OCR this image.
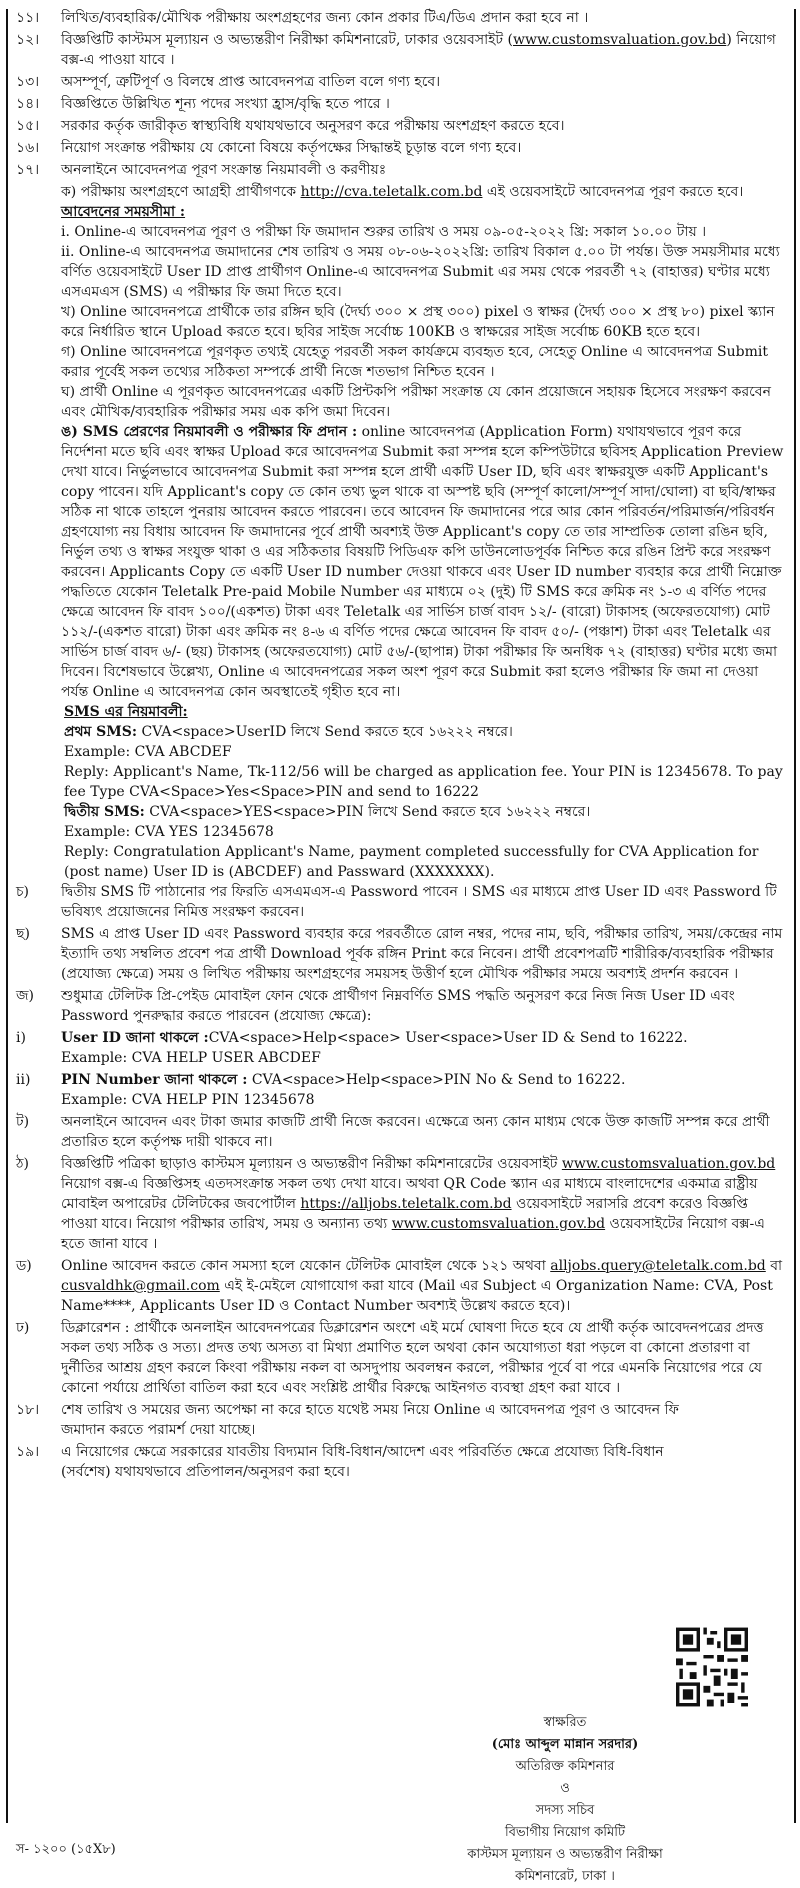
১১।	লিখিত/ব্যবহারিক/মৌখিক পরীক্ষায় অংশগ্রহণের জন্য কোন প্রকার টিএ/ডিএ প্রদান করা হবে না ।
১২।	বিজ্ঞপ্তিটি কাস্টমস মূল্যায়ন ও অভ্যন্তরীণ নিরীক্ষা কমিশনারেট, ঢাকার ওয়েবসাইট (www.customsvaluation.gov.bd) নিয়োগ বক্স-এ পাওয়া যাবে ।
১৩।	অসম্পূর্ণ, ত্রুটিপূর্ণ ও বিলম্বে প্রাপ্ত আবেদনপত্র বাতিল বলে গণ্য হবে।
১৪।	বিজ্ঞপ্তিতে উল্লিখিত শূন্য পদের সংখ্যা হ্রাস/বৃদ্ধি হতে পারে ।
১৫।	সরকার কর্তৃক জারীকৃত স্বাস্থ্যবিধি যথাযথভাবে অনুসরণ করে পরীক্ষায় অংশগ্রহণ করতে হবে।
১৬।	নিয়োগ সংক্রান্ত পরীক্ষায় যে কোনো বিষয়ে কর্তৃপক্ষের সিদ্ধান্তই চূড়ান্ত বলে গণ্য হবে।
১৭।	অনলাইনে আবেদনপত্র পূরণ সংক্রান্ত নিয়মাবলী ও করণীয়ঃ
ক) পরীক্ষায় অংশগ্রহণে আগ্রহী প্রার্থীগণকে http://cva.teletalk.com.bd এই ওয়েবসাইটে আবেদনপত্র পূরণ করতে হবে।
আবেদনের সময়সীমা :
i. Online-এ আবেদনপত্র পূরণ ও পরীক্ষা ফি জমাদান শুরুর তারিখ ও সময় ০৯-০৫-২০২২ খ্রি: সকাল ১০.০০ টায় ।
ii. Online-এ আবেদনপত্র জমাদানের শেষ তারিখ ও সময় ০৮-০৬-২০২২খ্রি: তারিখ বিকাল ৫.০০ টা পর্যন্ত। উক্ত সময়সীমার মধ্যে বর্ণিত ওয়েবসাইটে User ID প্রাপ্ত প্রার্থীগণ Online-এ আবেদনপত্র Submit এর সময় থেকে পরবর্তী ৭২ (বাহাত্তর) ঘণ্টার মধ্যে এসএমএস (SMS) এ পরীক্ষার ফি জমা দিতে হবে।
খ) Online আবেদনপত্রে প্রার্থীকে তার রঙ্গিন ছবি (দৈর্ঘ্য ৩০০ × প্রস্থ ৩০০) pixel ও স্বাক্ষর (দৈর্ঘ্য ৩০০ × প্রস্থ ৮০) pixel স্ক্যান করে নির্ধারিত স্থানে Upload করতে হবে। ছবির সাইজ সর্বোচ্চ 100KB ও স্বাক্ষরের সাইজ সর্বোচ্চ 60KB হতে হবে।
গ) Online আবেদনপত্রে পূরণকৃত তথ্যই যেহেতু পরবর্তী সকল কার্যক্রমে ব্যবহৃত হবে, সেহেতু Online এ আবেদনপত্র Submit করার পূর্বেই সকল তথ্যের সঠিকতা সম্পর্কে প্রার্থী নিজে শতভাগ নিশ্চিত হবেন ।
ঘ) প্রার্থী Online এ পূরণকৃত আবেদনপত্রের একটি প্রিন্টকপি পরীক্ষা সংক্রান্ত যে কোন প্রয়োজনে সহায়ক হিসেবে সংরক্ষণ করবেন এবং মৌখিক/ব্যবহারিক পরীক্ষার সময় এক কপি জমা দিবেন।
ঙ) SMS প্রেরণের নিয়মাবলী ও পরীক্ষার ফি প্রদান : online আবেদনপত্র (Application Form) যথাযথভাবে পূরণ করে নির্দেশনা মতে ছবি এবং স্বাক্ষর Upload করে আবেদনপত্র Submit করা সম্পন্ন হলে কম্পিউটারে ছবিসহ Application Preview দেখা যাবে। নির্ভুলভাবে আবেদনপত্র Submit করা সম্পন্ন হলে প্রার্থী একটি User ID, ছবি এবং স্বাক্ষরযুক্ত একটি Applicant's copy পাবেন। যদি Applicant's copy তে কোন তথ্য ভুল থাকে বা অস্পষ্ট ছবি (সম্পূর্ণ কালো/সম্পূর্ণ সাদা/ঘোলা) বা ছবি/স্বাক্ষর সঠিক না থাকে তাহলে পুনরায় আবেদন করতে পারবেন। তবে আবেদন ফি জমাদানের পরে আর কোন পরিবর্তন/পরিমার্জন/পরিবর্ধন গ্রহণযোগ্য নয় বিধায় আবেদন ফি জমাদানের পূর্বে প্রার্থী অবশ্যই উক্ত Applicant's copy তে তার সাম্প্রতিক তোলা রঙিন ছবি, নির্ভুল তথ্য ও স্বাক্ষর সংযুক্ত থাকা ও এর সঠিকতার বিষয়টি পিডিএফ কপি ডাউনলোডপূর্বক নিশ্চিত করে রঙিন প্রিন্ট করে সংরক্ষণ করবেন। Applicants Copy তে একটি User ID number দেওয়া থাকবে এবং User ID number ব্যবহার করে প্রার্থী নিম্নোক্ত পদ্ধতিতে যেকোন Teletalk Pre-paid Mobile Number এর মাধ্যমে ০২ (দুই) টি SMS করে ক্রমিক নং ১-৩ এ বর্ণিত পদের ক্ষেত্রে আবেদন ফি বাবদ ১০০/(একশত) টাকা এবং Teletalk এর সার্ভিস চার্জ বাবদ ১২/- (বারো) টাকাসহ (অফেরতযোগ্য) মোট ১১২/-(একশত বারো) টাকা এবং ক্রমিক নং ৪-৬ এ বর্ণিত পদের ক্ষেত্রে আবেদন ফি বাবদ ৫০/- (পঞ্চাশ) টাকা এবং Teletalk এর সার্ভিস চার্জ বাবদ ৬/- (ছয়) টাকাসহ (অফেরতযোগ্য) মোট ৫৬/-(ছাপান্ন) টাকা পরীক্ষার ফি অনধিক ৭২ (বাহাত্তর) ঘণ্টার মধ্যে জমা দিবেন। বিশেষভাবে উল্লেখ্য, Online এ আবেদনপত্রের সকল অংশ পূরণ করে Submit করা হলেও পরীক্ষার ফি জমা না দেওয়া পর্যন্ত Online এ আবেদনপত্র কোন অবস্থাতেই গৃহীত হবে না।
SMS এর নিয়মাবলী:
প্রথম SMS: CVA<space>UserID লিখে Send করতে হবে ১৬২২২ নম্বরে।
Example: CVA ABCDEF
Reply: Applicant's Name, Tk-112/56 will be charged as application fee. Your PIN is 12345678. To pay fee Type CVA<Space>Yes<Space>PIN and send to 16222
দ্বিতীয় SMS: CVA<space>YES<space>PIN লিখে Send করতে হবে ১৬২২২ নম্বরে।
Example: CVA YES 12345678
Reply: Congratulation Applicant's Name, payment completed successfully for CVA Application for (post name) User ID is (ABCDEF) and Passward (XXXXXXX).
চ)	দ্বিতীয় SMS টি পাঠানোর পর ফিরতি এসএমএস-এ Password পাবেন । SMS এর মাধ্যমে প্রাপ্ত User ID এবং Password টি ভবিষ্যৎ প্রয়োজনের নিমিত্ত সংরক্ষণ করবেন।
ছ)	SMS এ প্রাপ্ত User ID এবং Password ব্যবহার করে পরবর্তীতে রোল নম্বর, পদের নাম, ছবি, পরীক্ষার তারিখ, সময়/কেন্দ্রের নাম ইত্যাদি তথ্য সম্বলিত প্রবেশ পত্র প্রার্থী Download পূর্বক রঙ্গিন Print করে নিবেন। প্রার্থী প্রবেশপত্রটি শারীরিক/ব্যবহারিক পরীক্ষার (প্রযোজ্য ক্ষেত্রে) সময় ও লিখিত পরীক্ষায় অংশগ্রহণের সময়সহ উত্তীর্ণ হলে মৌখিক পরীক্ষার সময়ে অবশ্যই প্রদর্শন করবেন ।
জ)	শুধুমাত্র টেলিটক প্রি-পেইড মোবাইল ফোন থেকে প্রার্থীগণ নিম্নবর্ণিত SMS পদ্ধতি অনুসরণ করে নিজ নিজ User ID এবং Password পুনরুদ্ধার করতে পারবেন (প্রযোজ্য ক্ষেত্রে):
i)	User ID জানা থাকলে :CVA<space>Help<space> User<space>User ID & Send to 16222.
Example: CVA HELP USER ABCDEF
ii)	PIN Number জানা থাকলে : CVA<space>Help<space>PIN No & Send to 16222.
Example: CVA HELP PIN 12345678
ট)	অনলাইনে আবেদন এবং টাকা জমার কাজটি প্রার্থী নিজে করবেন। এক্ষেত্রে অন্য কোন মাধ্যম থেকে উক্ত কাজটি সম্পন্ন করে প্রার্থী প্রতারিত হলে কর্তৃপক্ষ দায়ী থাকবে না।
ঠ)	বিজ্ঞপ্তিটি পত্রিকা ছাড়াও কাস্টমস মূল্যায়ন ও অভ্যন্তরীণ নিরীক্ষা কমিশনারেটের ওয়েবসাইট www.customsvaluation.gov.bd নিয়োগ বক্স-এ বিজ্ঞপ্তিসহ এতদসংক্রান্ত সকল তথ্য দেখা যাবে। অথবা QR Code স্ক্যান এর মাধ্যমে বাংলাদেশের একমাত্র রাষ্ট্রীয় মোবাইল অপারেটর টেলিটকের জবপোর্টাল https://alljobs.teletalk.com.bd ওয়েবসাইটে সরাসরি প্রবেশ করেও বিজ্ঞপ্তি পাওয়া যাবে। নিয়োগ পরীক্ষার তারিখ, সময় ও অন্যান্য তথ্য www.customsvaluation.gov.bd ওয়েবসাইটের নিয়োগ বক্স-এ হতে জানা যাবে ।
ড)	Online আবেদন করতে কোন সমস্যা হলে যেকোন টেলিটক মোবাইল থেকে ১২১ অথবা alljobs.query@teletalk.com.bd বা cusvaldhk@gmail.com এই ই-মেইলে যোগাযোগ করা যাবে (Mail এর Subject এ Organization Name: CVA, Post Name****, Applicants User ID ও Contact Number অবশ্যই উল্লেখ করতে হবে)।
ঢ)	ডিক্লারেশন : প্রার্থীকে অনলাইন আবেদনপত্রের ডিক্লারেশন অংশে এই মর্মে ঘোষণা দিতে হবে যে প্রার্থী কর্তৃক আবেদনপত্রের প্রদত্ত সকল তথ্য সঠিক ও সত্য। প্রদত্ত তথ্য অসত্য বা মিথ্যা প্রমাণিত হলে অথবা কোন অযোগ্যতা ধরা পড়লে বা কোনো প্রতারণা বা দুর্নীতির আশ্রয় গ্রহণ করলে কিংবা পরীক্ষায় নকল বা অসদুপায় অবলম্বন করলে, পরীক্ষার পূর্বে বা পরে এমনকি নিয়োগের পরে যে কোনো পর্যায়ে প্রার্থিতা বাতিল করা হবে এবং সংশ্লিষ্ট প্রার্থীর বিরুদ্ধে আইনগত ব্যবস্থা গ্রহণ করা যাবে ।
১৮।	শেষ তারিখ ও সময়ের জন্য অপেক্ষা না করে হাতে যথেষ্ট সময় নিয়ে Online এ আবেদনপত্র পূরণ ও আবেদন ফি জমাদান করতে পরামর্শ দেয়া যাচ্ছে।
১৯।	এ নিয়োগের ক্ষেত্রে সরকারের যাবতীয় বিদ্যমান বিধি-বিধান/আদেশ এবং পরিবর্তিত ক্ষেত্রে প্রযোজ্য বিধি-বিধান (সর্বশেষ) যথাযথভাবে প্রতিপালন/অনুসরণ করা হবে।
স্বাক্ষরিত
(মোঃ আব্দুল মান্নান সরদার)
অতিরিক্ত কমিশনার
ও
সদস্য সচিব
বিভাগীয় নিয়োগ কমিটি
কাস্টমস মূল্যায়ন ও অভ্যন্তরীণ নিরীক্ষা
কমিশনারেট, ঢাকা ।
স- ১২০০ (১৫X৮)
